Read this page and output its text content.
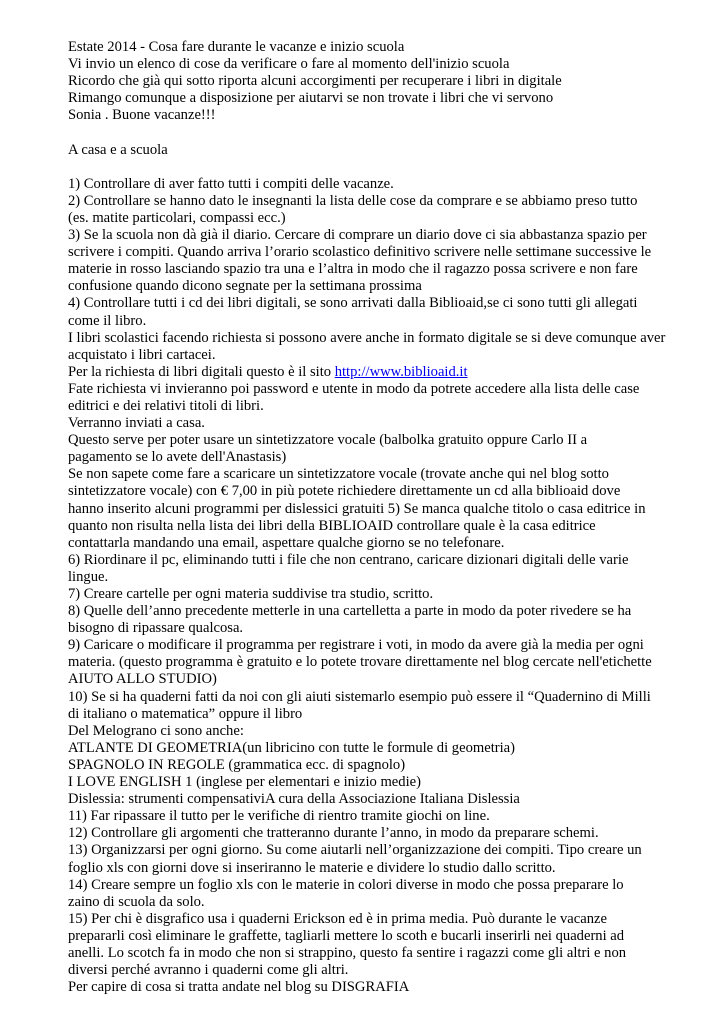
Estate 2014 - Cosa fare durante le vacanze e inizio scuola
Vi invio un elenco di cose da verificare o fare al momento dell'inizio scuola
Ricordo che già qui sotto riporta alcuni accorgimenti per recuperare i libri in digitale
Rimango comunque a disposizione per aiutarvi se non trovate i libri che vi servono
Sonia . Buone vacanze!!!
A casa e a scuola
1) Controllare di aver fatto tutti i compiti delle vacanze.
2) Controllare se hanno dato le insegnanti la lista delle cose da comprare e se abbiamo preso tutto
(es. matite particolari, compassi ecc.)
3) Se la scuola non dà già il diario. Cercare di comprare un diario dove ci sia abbastanza spazio per
scrivere i compiti. Quando arriva l’orario scolastico definitivo scrivere nelle settimane successive le
materie in rosso lasciando spazio tra una e l’altra in modo che il ragazzo possa scrivere e non fare
confusione quando dicono segnate per la settimana prossima
4) Controllare tutti i cd dei libri digitali, se sono arrivati dalla Biblioaid,se ci sono tutti gli allegati
come il libro.
I libri scolastici facendo richiesta si possono avere anche in formato digitale se si deve comunque aver
acquistato i libri cartacei.
Per la richiesta di libri digitali questo è il sito http://www.biblioaid.it
Fate richiesta vi invieranno poi password e utente in modo da potrete accedere alla lista delle case
editrici e dei relativi titoli di libri.
Verranno inviati a casa.
Questo serve per poter usare un sintetizzatore vocale (balbolka gratuito oppure Carlo II a
pagamento se lo avete dell'Anastasis)
Se non sapete come fare a scaricare un sintetizzatore vocale (trovate anche qui nel blog sotto
sintetizzatore vocale) con € 7,00 in più potete richiedere direttamente un cd alla biblioaid dove
hanno inserito alcuni programmi per dislessici gratuiti 5) Se manca qualche titolo o casa editrice in
quanto non risulta nella lista dei libri della BIBLIOAID controllare quale è la casa editrice
contattarla mandando una email, aspettare qualche giorno se no telefonare.
6) Riordinare il pc, eliminando tutti i file che non centrano, caricare dizionari digitali delle varie
lingue.
7) Creare cartelle per ogni materia suddivise tra studio, scritto.
8) Quelle dell’anno precedente metterle in una cartelletta a parte in modo da poter rivedere se ha
bisogno di ripassare qualcosa.
9) Caricare o modificare il programma per registrare i voti, in modo da avere già la media per ogni
materia. (questo programma è gratuito e lo potete trovare direttamente nel blog cercate nell'etichette
AIUTO ALLO STUDIO)
10) Se si ha quaderni fatti da noi con gli aiuti sistemarlo esempio può essere il “Quadernino di Milli
di italiano o matematica” oppure il libro
Del Melograno ci sono anche:
ATLANTE DI GEOMETRIA(un libricino con tutte le formule di geometria)
SPAGNOLO IN REGOLE (grammatica ecc. di spagnolo)
I LOVE ENGLISH 1 (inglese per elementari e inizio medie)
Dislessia: strumenti compensativiA cura della Associazione Italiana Dislessia
11) Far ripassare il tutto per le verifiche di rientro tramite giochi on line.
12) Controllare gli argomenti che tratteranno durante l’anno, in modo da preparare schemi.
13) Organizzarsi per ogni giorno. Su come aiutarli nell’organizzazione dei compiti. Tipo creare un
foglio xls con giorni dove si inseriranno le materie e dividere lo studio dallo scritto.
14) Creare sempre un foglio xls con le materie in colori diverse in modo che possa preparare lo
zaino di scuola da solo.
15) Per chi è disgrafico usa i quaderni Erickson ed è in prima media. Può durante le vacanze
prepararli così eliminare le graffette, tagliarli mettere lo scoth e bucarli inserirli nei quaderni ad
anelli. Lo scotch fa in modo che non si strappino, questo fa sentire i ragazzi come gli altri e non
diversi perché avranno i quaderni come gli altri.
Per capire di cosa si tratta andate nel blog su DISGRAFIA
